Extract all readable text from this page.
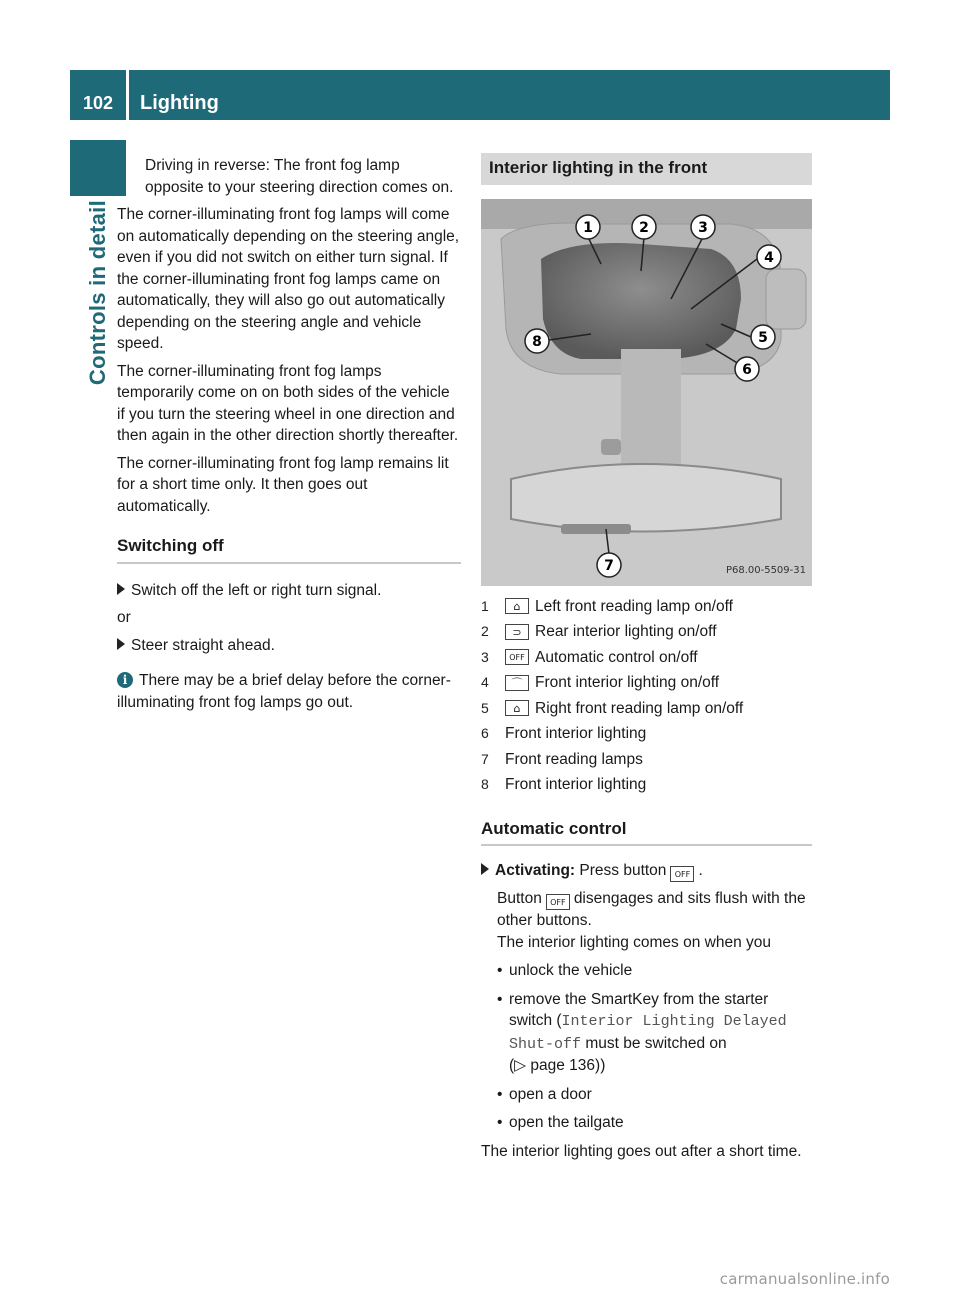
102	Lighting
Controls in detail

Driving in reverse: The front fog lamp opposite to your steering direction comes on.

The corner-illuminating front fog lamps will come on automatically depending on the steering angle, even if you did not switch on either turn signal. If the corner-illuminating front fog lamps came on automatically, they will also go out automatically depending on the steering angle and vehicle speed.

The corner-illuminating front fog lamps temporarily come on on both sides of the vehicle if you turn the steering wheel in one direction and then again in the other direction shortly thereafter.

The corner-illuminating front fog lamp remains lit for a short time only. It then goes out automatically.

Switching off

Switch off the left or right turn signal.

or

Steer straight ahead.

i There may be a brief delay before the corner-illuminating front fog lamps go out.

Interior lighting in the front
1	2	3
4
5
6
7
8
P68.00-5509-31
1	⌂ Left front reading lamp on/off
2	⊃ Rear interior lighting on/off
3	OFF Automatic control on/off
4	⌒ Front interior lighting on/off
5	⌂ Right front reading lamp on/off
6	Front interior lighting
7	Front reading lamps
8	Front interior lighting
Automatic control

Activating: Press button OFF .

Button OFF disengages and sits flush with the other buttons.

The interior lighting comes on when you

• unlock the vehicle
• remove the SmartKey from the starter switch (Interior Lighting Delayed Shut-off must be switched on
(▷ page 136))
• open a door
• open the tailgate

The interior lighting goes out after a short time.

carmanualsonline.info
